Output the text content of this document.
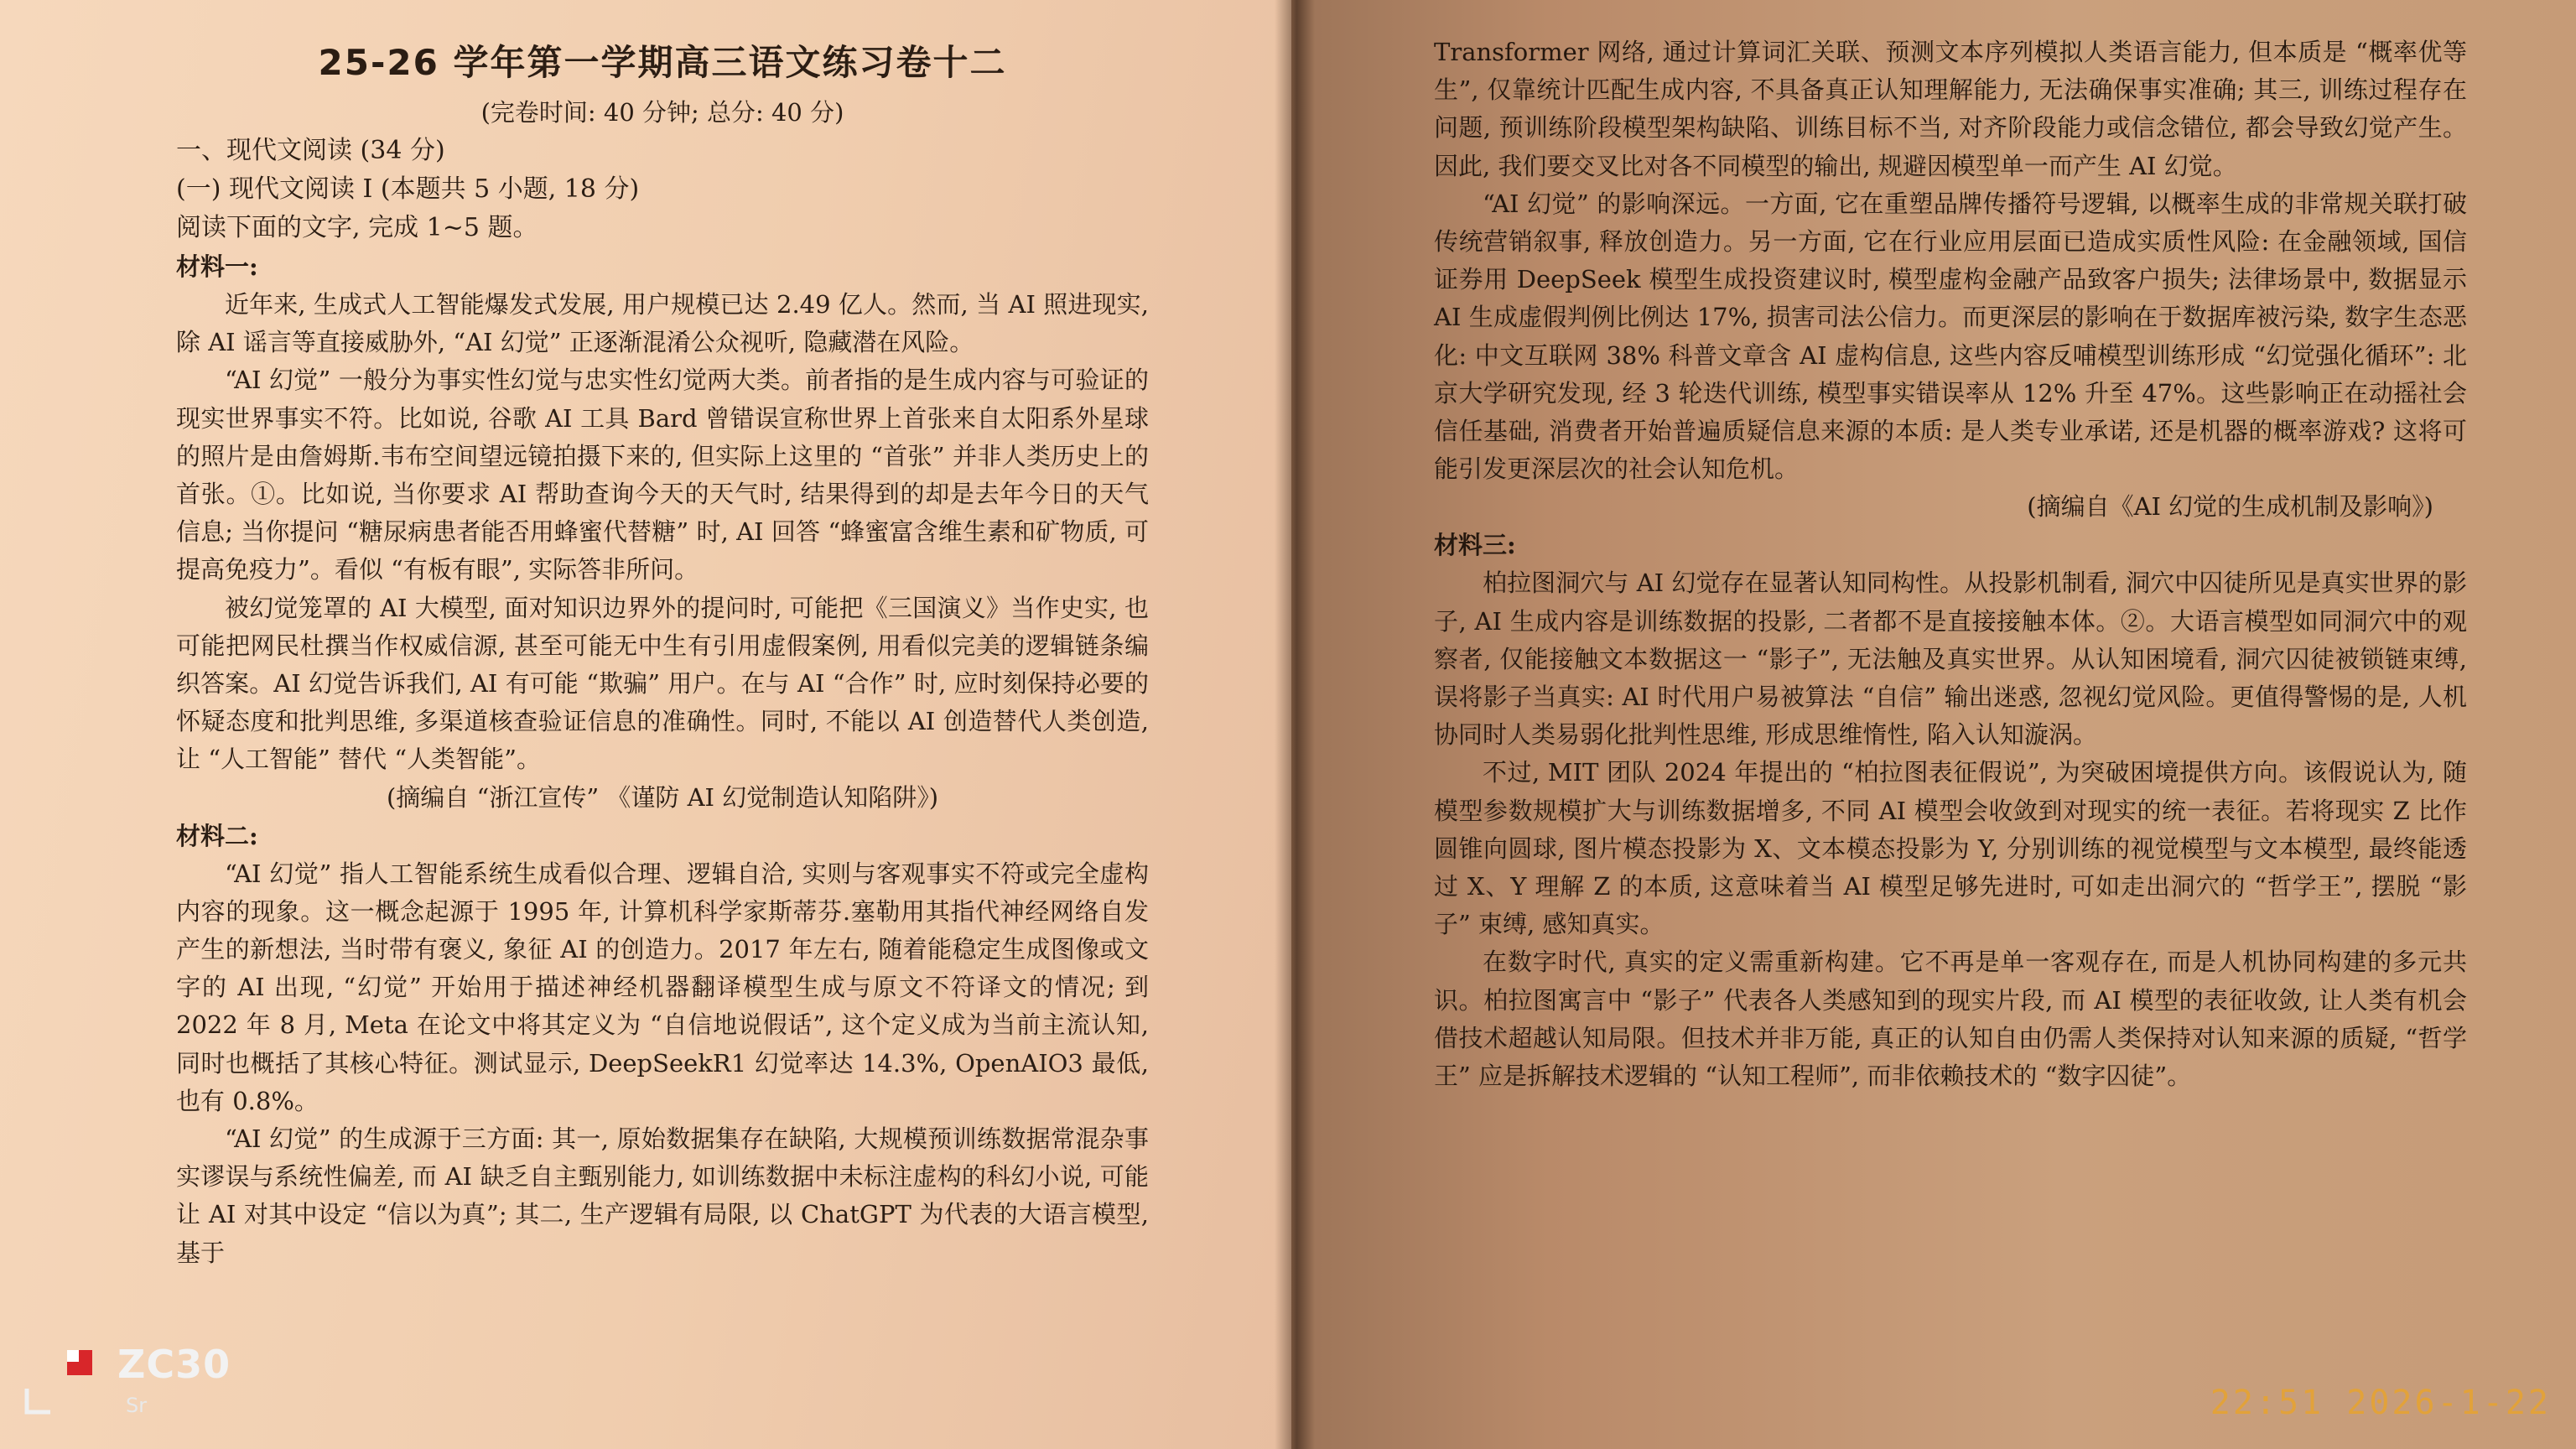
25-26 学年第一学期高三语文练习卷十二
(完卷时间: 40 分钟; 总分: 40 分)
一、现代文阅读 (34 分)
(一) 现代文阅读 I (本题共 5 小题, 18 分)
阅读下面的文字, 完成 1~5 题。
材料一:

近年来, 生成式人工智能爆发式发展, 用户规模已达 2.49 亿人。然而, 当 AI 照进现实, 除 AI 谣言等直接威胁外, “AI 幻觉” 正逐渐混淆公众视听, 隐藏潜在风险。

“AI 幻觉” 一般分为事实性幻觉与忠实性幻觉两大类。前者指的是生成内容与可验证的现实世界事实不符。比如说, 谷歌 AI 工具 Bard 曾错误宣称世界上首张来自太阳系外星球的照片是由詹姆斯.韦布空间望远镜拍摄下来的, 但实际上这里的 “首张” 并非人类历史上的首张。①。比如说, 当你要求 AI 帮助查询今天的天气时, 结果得到的却是去年今日的天气信息; 当你提问 “糖尿病患者能否用蜂蜜代替糖” 时, AI 回答 “蜂蜜富含维生素和矿物质, 可提高免疫力”。看似 “有板有眼”, 实际答非所问。

被幻觉笼罩的 AI 大模型, 面对知识边界外的提问时, 可能把《三国演义》当作史实, 也可能把网民杜撰当作权威信源, 甚至可能无中生有引用虚假案例, 用看似完美的逻辑链条编织答案。AI 幻觉告诉我们, AI 有可能 “欺骗” 用户。在与 AI “合作” 时, 应时刻保持必要的怀疑态度和批判思维, 多渠道核查验证信息的准确性。同时, 不能以 AI 创造替代人类创造, 让 “人工智能” 替代 “人类智能”。

(摘编自 “浙江宣传” 《谨防 AI 幻觉制造认知陷阱》)
材料二:

“AI 幻觉” 指人工智能系统生成看似合理、逻辑自洽, 实则与客观事实不符或完全虚构内容的现象。这一概念起源于 1995 年, 计算机科学家斯蒂芬.塞勒用其指代神经网络自发产生的新想法, 当时带有褒义, 象征 AI 的创造力。2017 年左右, 随着能稳定生成图像或文字的 AI 出现, “幻觉” 开始用于描述神经机器翻译模型生成与原文不符译文的情况; 到 2022 年 8 月, Meta 在论文中将其定义为 “自信地说假话”, 这个定义成为当前主流认知, 同时也概括了其核心特征。测试显示, DeepSeekR1 幻觉率达 14.3%, OpenAIO3 最低, 也有 0.8%。

“AI 幻觉” 的生成源于三方面: 其一, 原始数据集存在缺陷, 大规模预训练数据常混杂事实谬误与系统性偏差, 而 AI 缺乏自主甄别能力, 如训练数据中未标注虚构的科幻小说, 可能让 AI 对其中设定 “信以为真”; 其二, 生产逻辑有局限, 以 ChatGPT 为代表的大语言模型, 基于

Transformer 网络, 通过计算词汇关联、预测文本序列模拟人类语言能力, 但本质是 “概率优等生”, 仅靠统计匹配生成内容, 不具备真正认知理解能力, 无法确保事实准确; 其三, 训练过程存在问题, 预训练阶段模型架构缺陷、训练目标不当, 对齐阶段能力或信念错位, 都会导致幻觉产生。因此, 我们要交叉比对各不同模型的输出, 规避因模型单一而产生 AI 幻觉。

“AI 幻觉” 的影响深远。一方面, 它在重塑品牌传播符号逻辑, 以概率生成的非常规关联打破传统营销叙事, 释放创造力。另一方面, 它在行业应用层面已造成实质性风险: 在金融领域, 国信证券用 DeepSeek 模型生成投资建议时, 模型虚构金融产品致客户损失; 法律场景中, 数据显示 AI 生成虚假判例比例达 17%, 损害司法公信力。而更深层的影响在于数据库被污染, 数字生态恶化: 中文互联网 38% 科普文章含 AI 虚构信息, 这些内容反哺模型训练形成 “幻觉强化循环”: 北京大学研究发现, 经 3 轮迭代训练, 模型事实错误率从 12% 升至 47%。这些影响正在动摇社会信任基础, 消费者开始普遍质疑信息来源的本质: 是人类专业承诺, 还是机器的概率游戏? 这将可能引发更深层次的社会认知危机。

(摘编自《AI 幻觉的生成机制及影响》)
材料三:

柏拉图洞穴与 AI 幻觉存在显著认知同构性。从投影机制看, 洞穴中囚徒所见是真实世界的影子, AI 生成内容是训练数据的投影, 二者都不是直接接触本体。②。大语言模型如同洞穴中的观察者, 仅能接触文本数据这一 “影子”, 无法触及真实世界。从认知困境看, 洞穴囚徒被锁链束缚, 误将影子当真实: AI 时代用户易被算法 “自信” 输出迷惑, 忽视幻觉风险。更值得警惕的是, 人机协同时人类易弱化批判性思维, 形成思维惰性, 陷入认知漩涡。

不过, MIT 团队 2024 年提出的 “柏拉图表征假说”, 为突破困境提供方向。该假说认为, 随模型参数规模扩大与训练数据增多, 不同 AI 模型会收敛到对现实的统一表征。若将现实 Z 比作圆锥向圆球, 图片模态投影为 X、文本模态投影为 Y, 分别训练的视觉模型与文本模型, 最终能透过 X、Y 理解 Z 的本质, 这意味着当 AI 模型足够先进时, 可如走出洞穴的 “哲学王”, 摆脱 “影子” 束缚, 感知真实。

在数字时代, 真实的定义需重新构建。它不再是单一客观存在, 而是人机协同构建的多元共识。柏拉图寓言中 “影子” 代表各人类感知到的现实片段, 而 AI 模型的表征收敛, 让人类有机会借技术超越认知局限。但技术并非万能, 真正的认知自由仍需人类保持对认知来源的质疑, “哲学王” 应是拆解技术逻辑的 “认知工程师”, 而非依赖技术的 “数字囚徒”。

ZC30
Sr	22:51 2026-1-22
